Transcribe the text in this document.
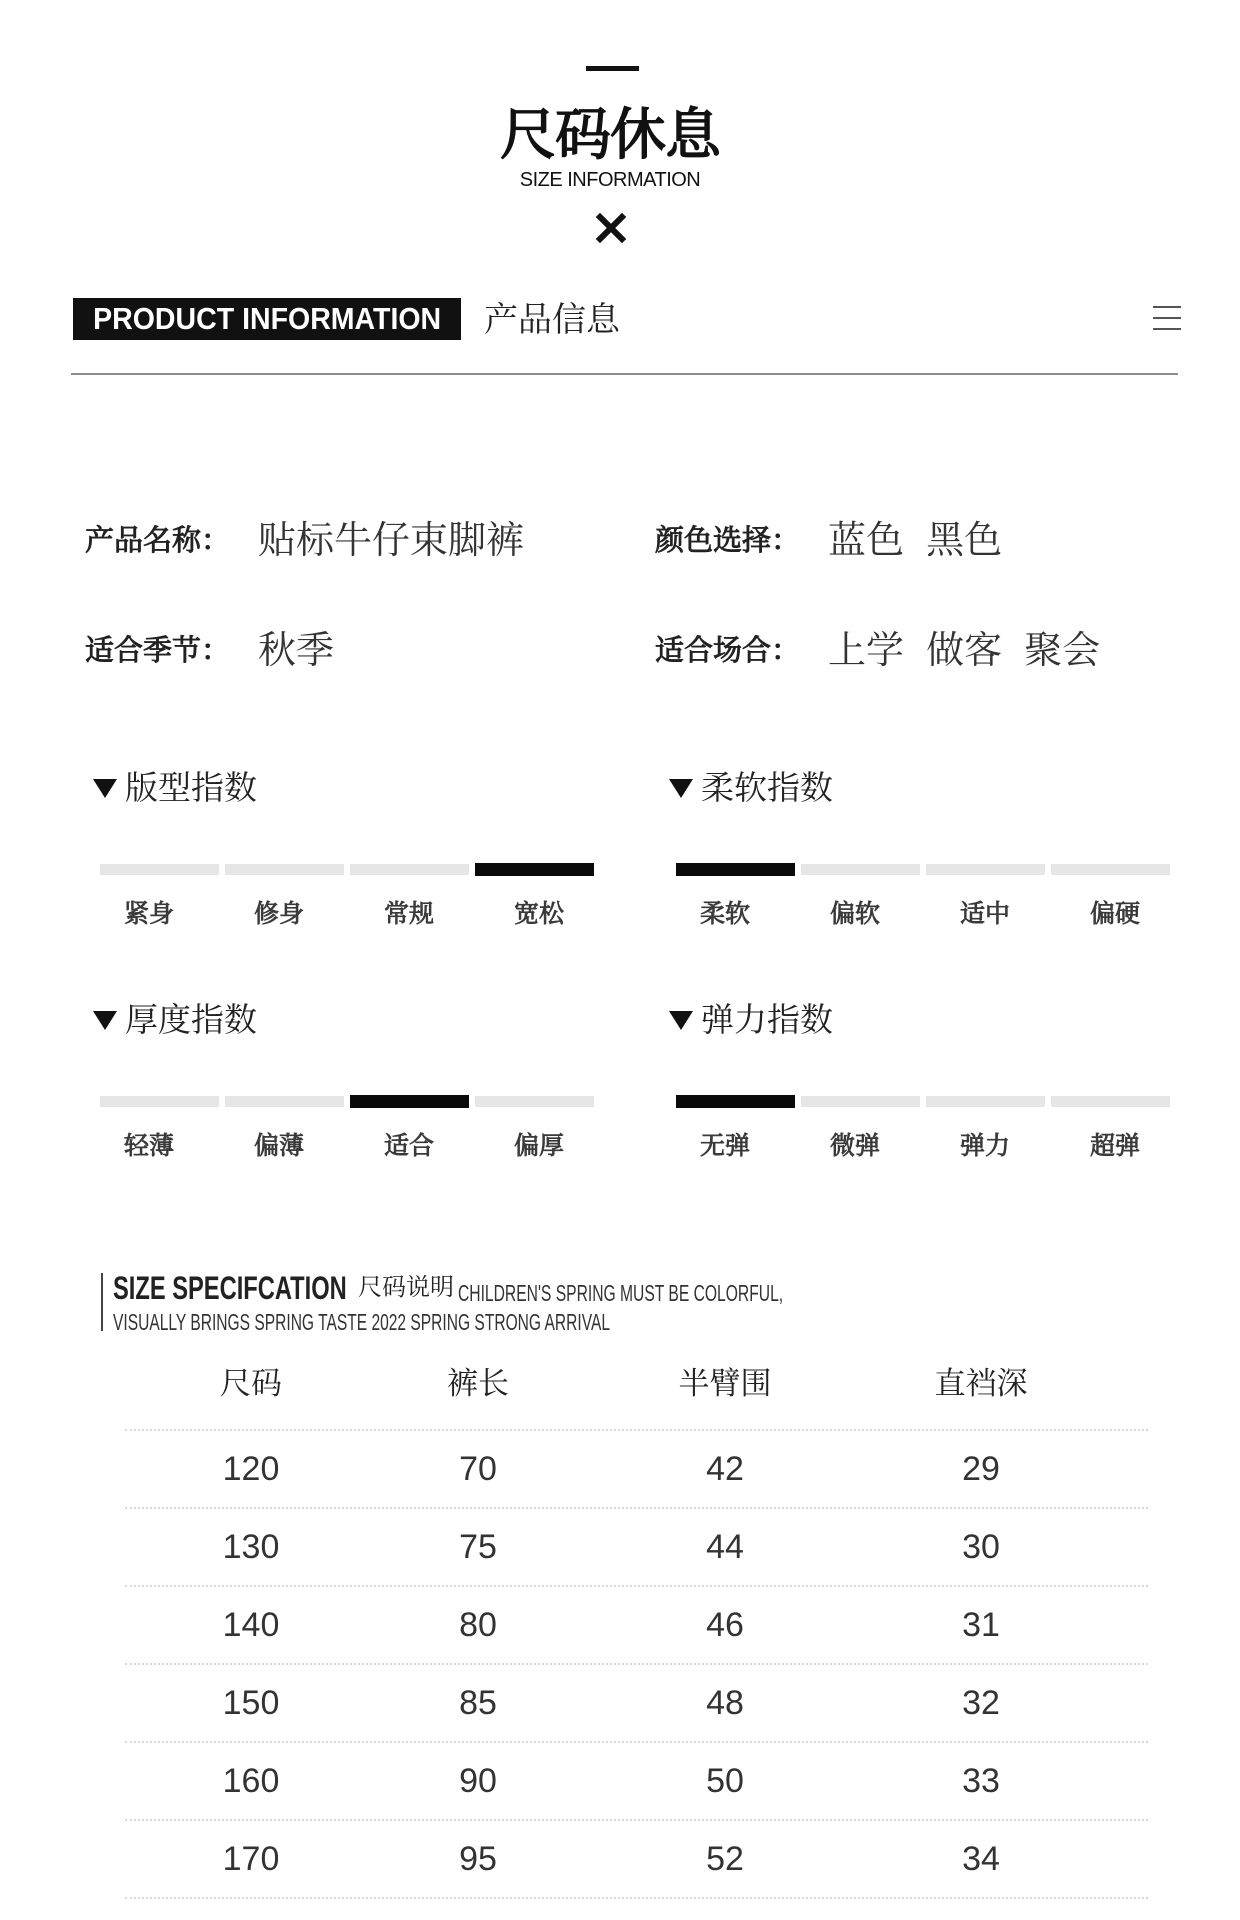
尺码休息
SIZE INFORMATION
PRODUCT INFORMATION	产品信息
产品名称： 贴标牛仔束脚裤	颜色选择： 蓝色 黑色
适合季节： 秋季	适合场合： 上学 做客 聚会
版型指数
紧身	修身	常规	宽松
柔软指数
柔软	偏软	适中	偏硬
厚度指数
轻薄	偏薄	适合	偏厚
弹力指数
无弹	微弹	弹力	超弹
SIZE SPECIFCATION 尺码说明 CHILDREN'S SPRING MUST BE COLORFUL,
VISUALLY BRINGS SPRING TASTE 2022 SPRING STRONG ARRIVAL
尺码	裤长	半臂围	直裆深
120	70	42	29
130	75	44	30
140	80	46	31
150	85	48	32
160	90	50	33
170	95	52	34
